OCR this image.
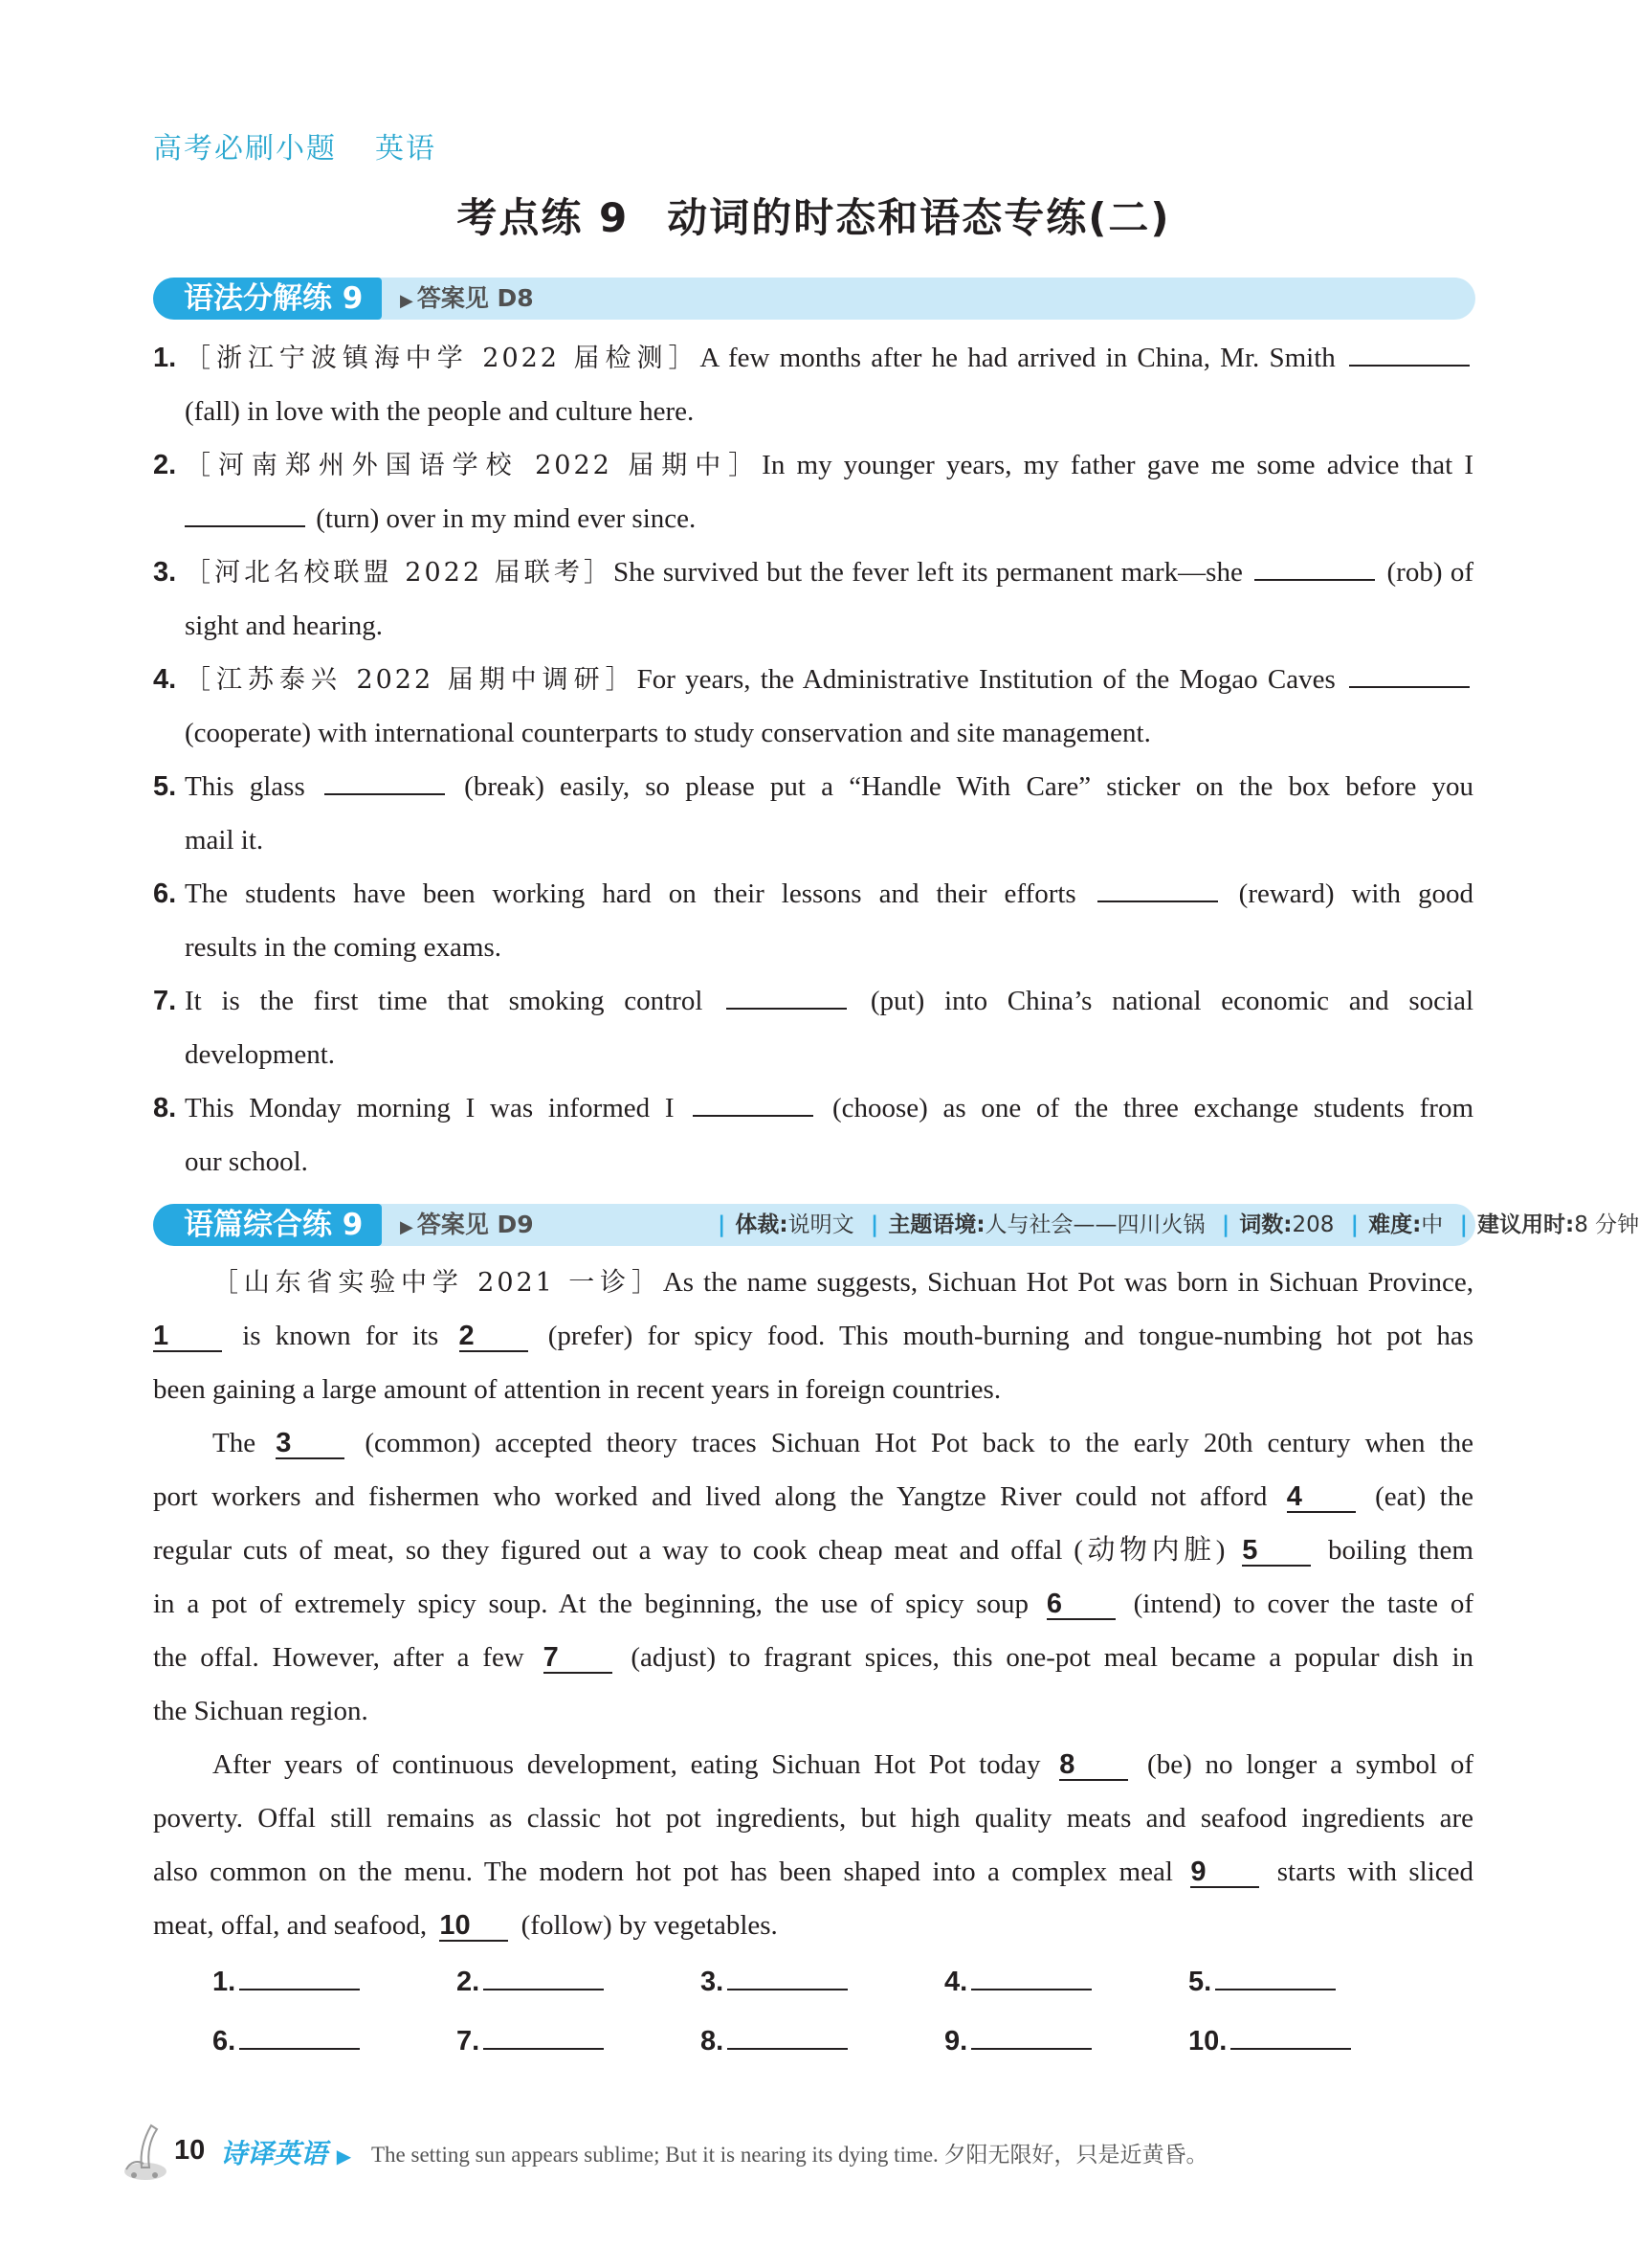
高考必刷小题 英语
考点练 9 动词的时态和语态专练(二)
语法分解练 9	▶ 答案见 D8
1. ［浙江宁波镇海中学 2022 届检测］A few months after he had arrived in China, Mr. Smith
(fall) in love with the people and culture here.
2. ［河南郑州外国语学校 2022 届期中］In my younger years, my father gave me some advice that I
(turn) over in my mind ever since.
3. ［河北名校联盟 2022 届联考］She survived but the fever left its permanent mark—she	(rob) of
sight and hearing.
4. ［江苏泰兴 2022 届期中调研］For years, the Administrative Institution of the Mogao Caves
(cooperate) with international counterparts to study conservation and site management.
5. This glass	(break) easily, so please put a “Handle With Care” sticker on the box before you
mail it.
6. The students have been working hard on their lessons and their efforts	(reward) with good
results in the coming exams.
7. It is the first time that smoking control	(put) into China’s national economic and social
development.
8. This Monday morning I was informed I	(choose) as one of the three exchange students from
our school.
语篇综合练 9	▶ 答案见 D9	| 体裁:说明文 | 主题语境:人与社会——四川火锅 | 词数:208 | 难度:中 | 建议用时:8 分钟
［山东省实验中学 2021 一诊］As the name suggests, Sichuan Hot Pot was born in Sichuan Province,
1	is known for its 2	(prefer) for spicy food. This mouth-burning and tongue-numbing hot pot has
been gaining a large amount of attention in recent years in foreign countries.
The 3	(common) accepted theory traces Sichuan Hot Pot back to the early 20th century when the
port workers and fishermen who worked and lived along the Yangtze River could not afford 4	(eat) the
regular cuts of meat, so they figured out a way to cook cheap meat and offal (动物内脏) 5	boiling them
in a pot of extremely spicy soup. At the beginning, the use of spicy soup 6	(intend) to cover the taste of
the offal. However, after a few 7	(adjust) to fragrant spices, this one-pot meal became a popular dish in
the Sichuan region.
After years of continuous development, eating Sichuan Hot Pot today 8	(be) no longer a symbol of
poverty. Offal still remains as classic hot pot ingredients, but high quality meats and seafood ingredients are
also common on the menu. The modern hot pot has been shaped into a complex meal 9	starts with sliced
meat, offal, and seafood, 10 (follow) by vegetables.
1.	2.	3.	4.	5.
6.	7.	8.	9.	10.
10 诗译英语 ▶ The setting sun appears sublime; But it is nearing its dying time. 夕阳无限好，只是近黄昏。
